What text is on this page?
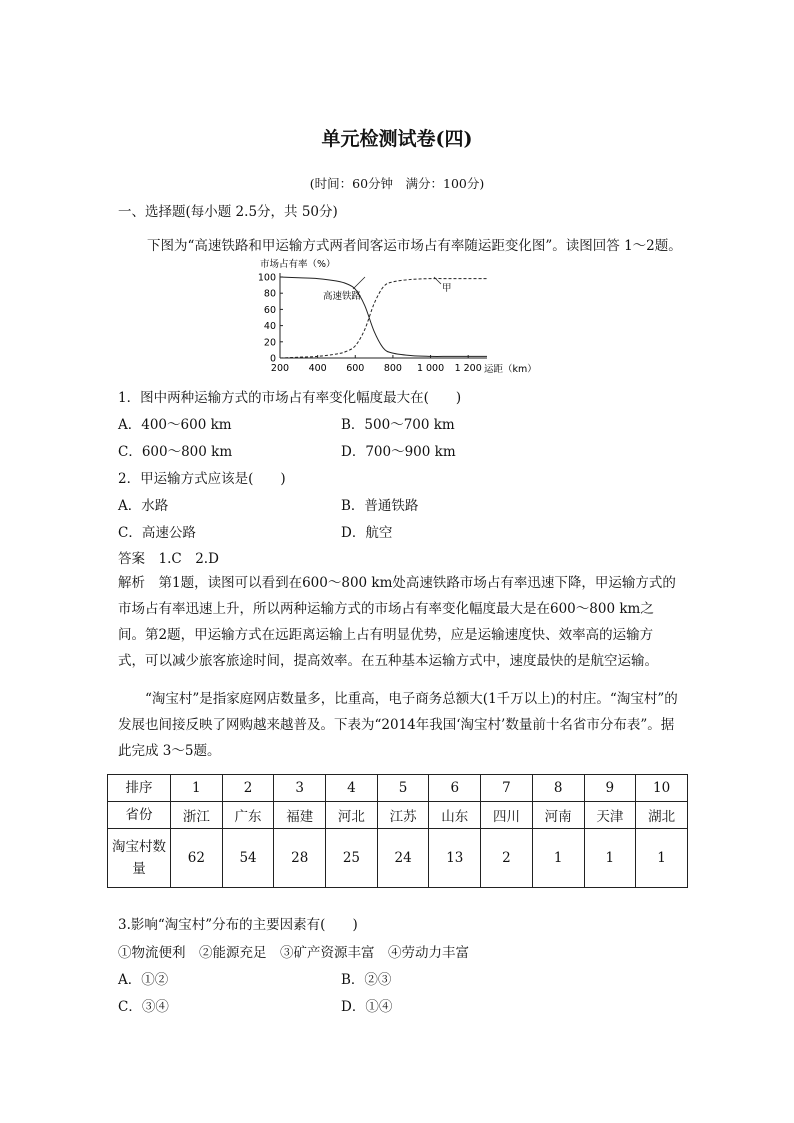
单元检测试卷(四)
(时间：60分钟　满分：100分)
一、选择题(每小题 2.5分，共 50分)
下图为“高速铁路和甲运输方式两者间客运市场占有率随运距变化图”。读图回答 1～2题。
市场占有率（%）
运距（km）
0
20
40
60
80
100
200 400 600 800 1 000 1 200
高速铁路
甲
1．图中两种运输方式的市场占有率变化幅度最大在(　　)
A．400～600 km	B．500～700 km
C．600～800 km	D．700～900 km
2．甲运输方式应该是(　　)
A．水路	B．普通铁路
C．高速公路	D．航空
答案　1.C　2.D
解析　第1题，读图可以看到在600～800 km处高速铁路市场占有率迅速下降，甲运输方式的市场占有率迅速上升，所以两种运输方式的市场占有率变化幅度最大是在600～800 km之间。第2题，甲运输方式在远距离运输上占有明显优势，应是运输速度快、效率高的运输方式，可以减少旅客旅途时间，提高效率。在五种基本运输方式中，速度最快的是航空运输。
“淘宝村”是指家庭网店数量多，比重高，电子商务总额大(1千万以上)的村庄。“淘宝村”的发展也间接反映了网购越来越普及。下表为“2014年我国‘淘宝村’数量前十名省市分布表”。据此完成 3～5题。
排序	1	2	3	4	5	6	7	8	9	10
省份	浙江	广东	福建	河北	江苏	山东	四川	河南	天津	湖北
淘宝村数量	62	54	28	25	24	13	2	1	1	1
3.影响“淘宝村”分布的主要因素有(　　)
①物流便利　②能源充足　③矿产资源丰富　④劳动力丰富
A．①②	B．②③
C．③④	D．①④
